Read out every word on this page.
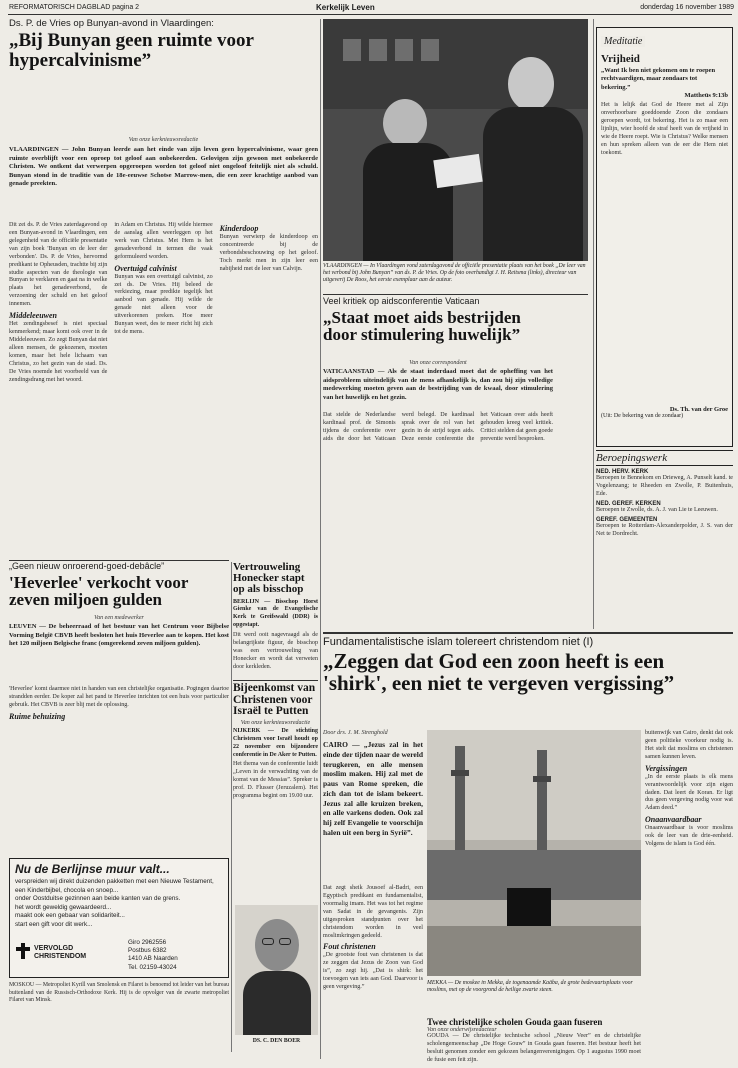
REFORMATORISCH DAGBLAD pagina 2	Kerkelijk Leven	donderdag 16 november 1989
Ds. P. de Vries op Bunyan-avond in Vlaardingen:
„Bij Bunyan geen ruimte voor hypercalvinisme”
Van onze kerknieuwsredactie
VLAARDINGEN — John Bunyan leerde aan het einde van zijn leven geen hypercalvinisme, waar geen ruimte overblijft voor een oproep tot geloof aan onbekeerden. Gelovigen zijn gewoon met onbekeerde Christen. We ontkent dat verwerpen opgeroepen worden tot geloof niet ongeloof feitelijk niet als schuld. Bunyan stond in de traditie van de 18e-eeuwse Schotse Marrow-men, die een zeer krachtige aanbod van genade preekten.
Dit zei ds. P. de Vries zaterdagavond op een Bunyan-avond in Vlaardingen, een gelegenheid van de officiële presentatie van zijn boek 'Bunyan en de leer der verbonden'. Ds. P. de Vries, hervormd predikant te Opheusden, trachtte bij zijn studie aspecten van de theologie van Bunyan te verklaren en gaat na in welke plaats het genadeverbond, de verzoening der schuld en het geloof innemen.
Middeleeuwen
Het zendingsbesef is niet speciaal kenmerkend; maar komt ook over in de Middeleeuwen. Zo zegt Bunyan dat niet alleen mensen, de gekozenen, moeten komen, maar het hele lichaam van Christus, zo het gezin van de stad. Ds. De Vries noemde het voorbeeld van de zendingsdrang met het woord.
in Adam en Christus. Hij wilde hiermee de aanslag allen weerleggen op het werk van Christus. Met Hem is het genadeverbond in termen die vaak geformuleerd worden.
Overtuigd calvinist
Bunyan was een overtuigd calvinist, zo zei ds. De Vries. Hij beleed de verkiezing, maar predikte tegelijk het aanbod van genade. Hij wilde de genade niet alleen voor de uitverkorenen preken. Hoe meer Bunyan weet, des te meer richt hij zich tot de mens.
Kinderdoop
Bunyan verwierp de kinderdoop en concentreerde bij de verbondsbeschouwing op het geloof. Toch merkt men in zijn leer een nabijheid met de leer van Calvijn.	VLAARDINGEN — In Vlaardingen vond zaterdagavond de officiële presentatie plaats van het boek „De leer van het verbond bij John Bunyan” van ds. P. de Vries. Op de foto overhandigt J. H. Reitsma (links), directeur van uitgeverij De Roos, het eerste exemplaar aan de auteur.
Meditatie
Vrijheid
„Want Ik ben niet gekomen om te roepen rechtvaardigen, maar zondaars tot bekering.”
Mattheüs 9:13b
Het is lelijk dat God de Heere met al Zijn onverhoorbare goeddoende Zoon die zondaars geroepen wordt, tot bekering. Het is zo maar een lijnlijn, wier hoofd de straf heeft van de vrijheid in wie de Heere roept. Wie is Christus? Welke mensen en hun spreken alleen van de eer die Hem niet toekomt.
Ds. Th. van der Groe
(Uit: De bekering van de zondaar)
Beroepingswerk
NED. HERV. KERK
Beroepen te Bennekom en Drieweg, A. Punselt kand. te Vogelenzang; te Rheeden en Zwolle, P. Buitenhuis, Ede.
NED. GEREF. KERKEN
Beroepen te Zwolle, ds. A. J. van Lie te Leeuwen.
GEREF. GEMEENTEN
Beroepen te Rotterdam-Alexanderpolder, J. S. van der Net te Dordrecht.
Veel kritiek op aidsconferentie Vaticaan
„Staat moet aids bestrijden door stimulering huwelijk”
Van onze correspondent
VATICAANSTAD — Als de staat inderdaad moet dat de opheffing van het aidsprobleem uiteindelijk van de mens afhankelijk is, dan zou hij zijn volledige medewerking moeten geven aan de bestrijding van de kwaal, door stimulering van het huwelijk en het gezin.
Dat stelde de Nederlandse kardinaal prof. de Simonis tijdens de conferentie over aids die door het Vaticaan werd belegd. De kardinaal sprak over de rol van het gezin in de strijd tegen aids. Deze eerste conferentie die het Vaticaan over aids heeft gehouden kreeg veel kritiek. Critici stelden dat geen goede preventie werd besproken.
„Geen nieuw onroerend-goed-debâcle”
'Heverlee' verkocht voor zeven miljoen gulden
Van een medewerker
LEUVEN — De beheerraad of het bestuur van het Centrum voor Bijbelse Vorming België CBVB heeft besloten het huis Heverlee aan te kopen. Het kost het 120 miljoen Belgische franc (omgerekend zeven miljoen gulden).
'Heverlee' komt daarmee niet in handen van een christelijke organisatie. Pogingen daartoe strandden eerder. De koper zal het pand te Heverlee inrichten tot een huis voor particulier gebruik. Het CBVB is zeer blij met de oplossing.
Ruime behuizing
Vertrouweling Honecker stapt op als bisschop
BERLIJN — Bisschop Horst Gienke van de Evangelische Kerk te Greifswald (DDR) is opgestapt.
Dit werd ooit nagevraagd als de belangrijkste figuur, de bisschop was een vertrouweling van Honecker en wordt dat verweten door kerkleden.
Bijeenkomst van Christenen voor Israël te Putten
Van onze kerknieuwsredactie
NIJKERK — De stichting Christenen voor Israël houdt op 22 november een bijzondere conferentie in De Aker te Putten.
Het thema van de conferentie luidt „Leven in de verwachting van de komst van de Messias”. Spreker is prof. D. Flusser (Jeruzalem). Het programma begint om 19.00 uur.
Nu de Berlijnse muur valt...
verspreiden wij direkt duizenden pakketten met een Nieuwe Testament, een Kinderbijbel, chocola en snoep...
onder Oostduitse gezinnen aan beide kanten van de grens.
het wordt geweldig gewaardeerd...
maakt ook een gebaar van solidariteit...
start een gift voor dit werk...
VERVOLGD CHRISTENDOM
Giro 2962556
Postbus 6382
1410 AB Naarden
Tel. 02159-43024
MOSKOU — Metropoliet Kyrill van Smolensk en Filaret is benoemd tot leider van het bureau buitenland van de Russisch-Orthodoxe Kerk. Hij is de opvolger van de zwarte metropoliet Filaret van Minsk.
DS. C. DEN BOER
Fundamentalistische islam tolereert christendom niet (I)
„Zeggen dat God een zoon heeft is een 'shirk', een niet te vergeven vergissing”
Door drs. J. M. Strenghold
CAIRO — „Jezus zal in het einde der tijden naar de wereld terugkeren, en alle mensen moslim maken. Hij zal met de paus van Rome spreken, die zich dan tot de islam bekeert. Jezus zal alle kruizen breken, en alle varkens doden. Ook zal hij zelf Evangelie te voorschijn halen uit een berg in Syrië”.
Dat zegt sheik Jousoef al-Badri, een Egyptisch predikant en fundamentalist, voormalig imam. Het was tot het regime van Sadat in de gevangenis. Zijn uitgesproken standpunten over het christendom worden in veel moslimkringen gedeeld.
Fout christenen
„De grootste fout van christenen is dat ze zeggen dat Jezus de Zoon van God is”, zo zegt hij. „Dat is shirk: het toevoegen van iets aan God. Daarvoor is geen vergeving.”
MEKKA — De moskee in Mekka, de togenaamde Kaäba, de grote bedevaartsplaats voor moslims, met op de voorgrond de heilige zwarte steen.
buitenwijk van Cairo, denkt dat ook geen politieke voorkeur nodig is. Het stelt dat moslims en christenen samen kunnen leven.
Vergissingen
„In de eerste plaats is elk mens verantwoordelijk voor zijn eigen daden. Dat leert de Koran. Er ligt dus geen vergeving nodig voor wat Adam deed.”
Onaanvaardbaar
Onaanvaardbaar is voor moslims ook de leer van de drie-eenheid. Volgens de islam is God één.
Twee christelijke scholen Gouda gaan fuseren
Van onze onderwijsredacteur
GOUDA — De christelijke technische school „Nieuw Veer” en de christelijke scholengemeenschap „De Hoge Gouw” in Gouda gaan fuseren. Het bestuur heeft het besluit genomen zonder een gekozen belangenverenigingen. Op 1 augustus 1990 moet de fusie een feit zijn.
